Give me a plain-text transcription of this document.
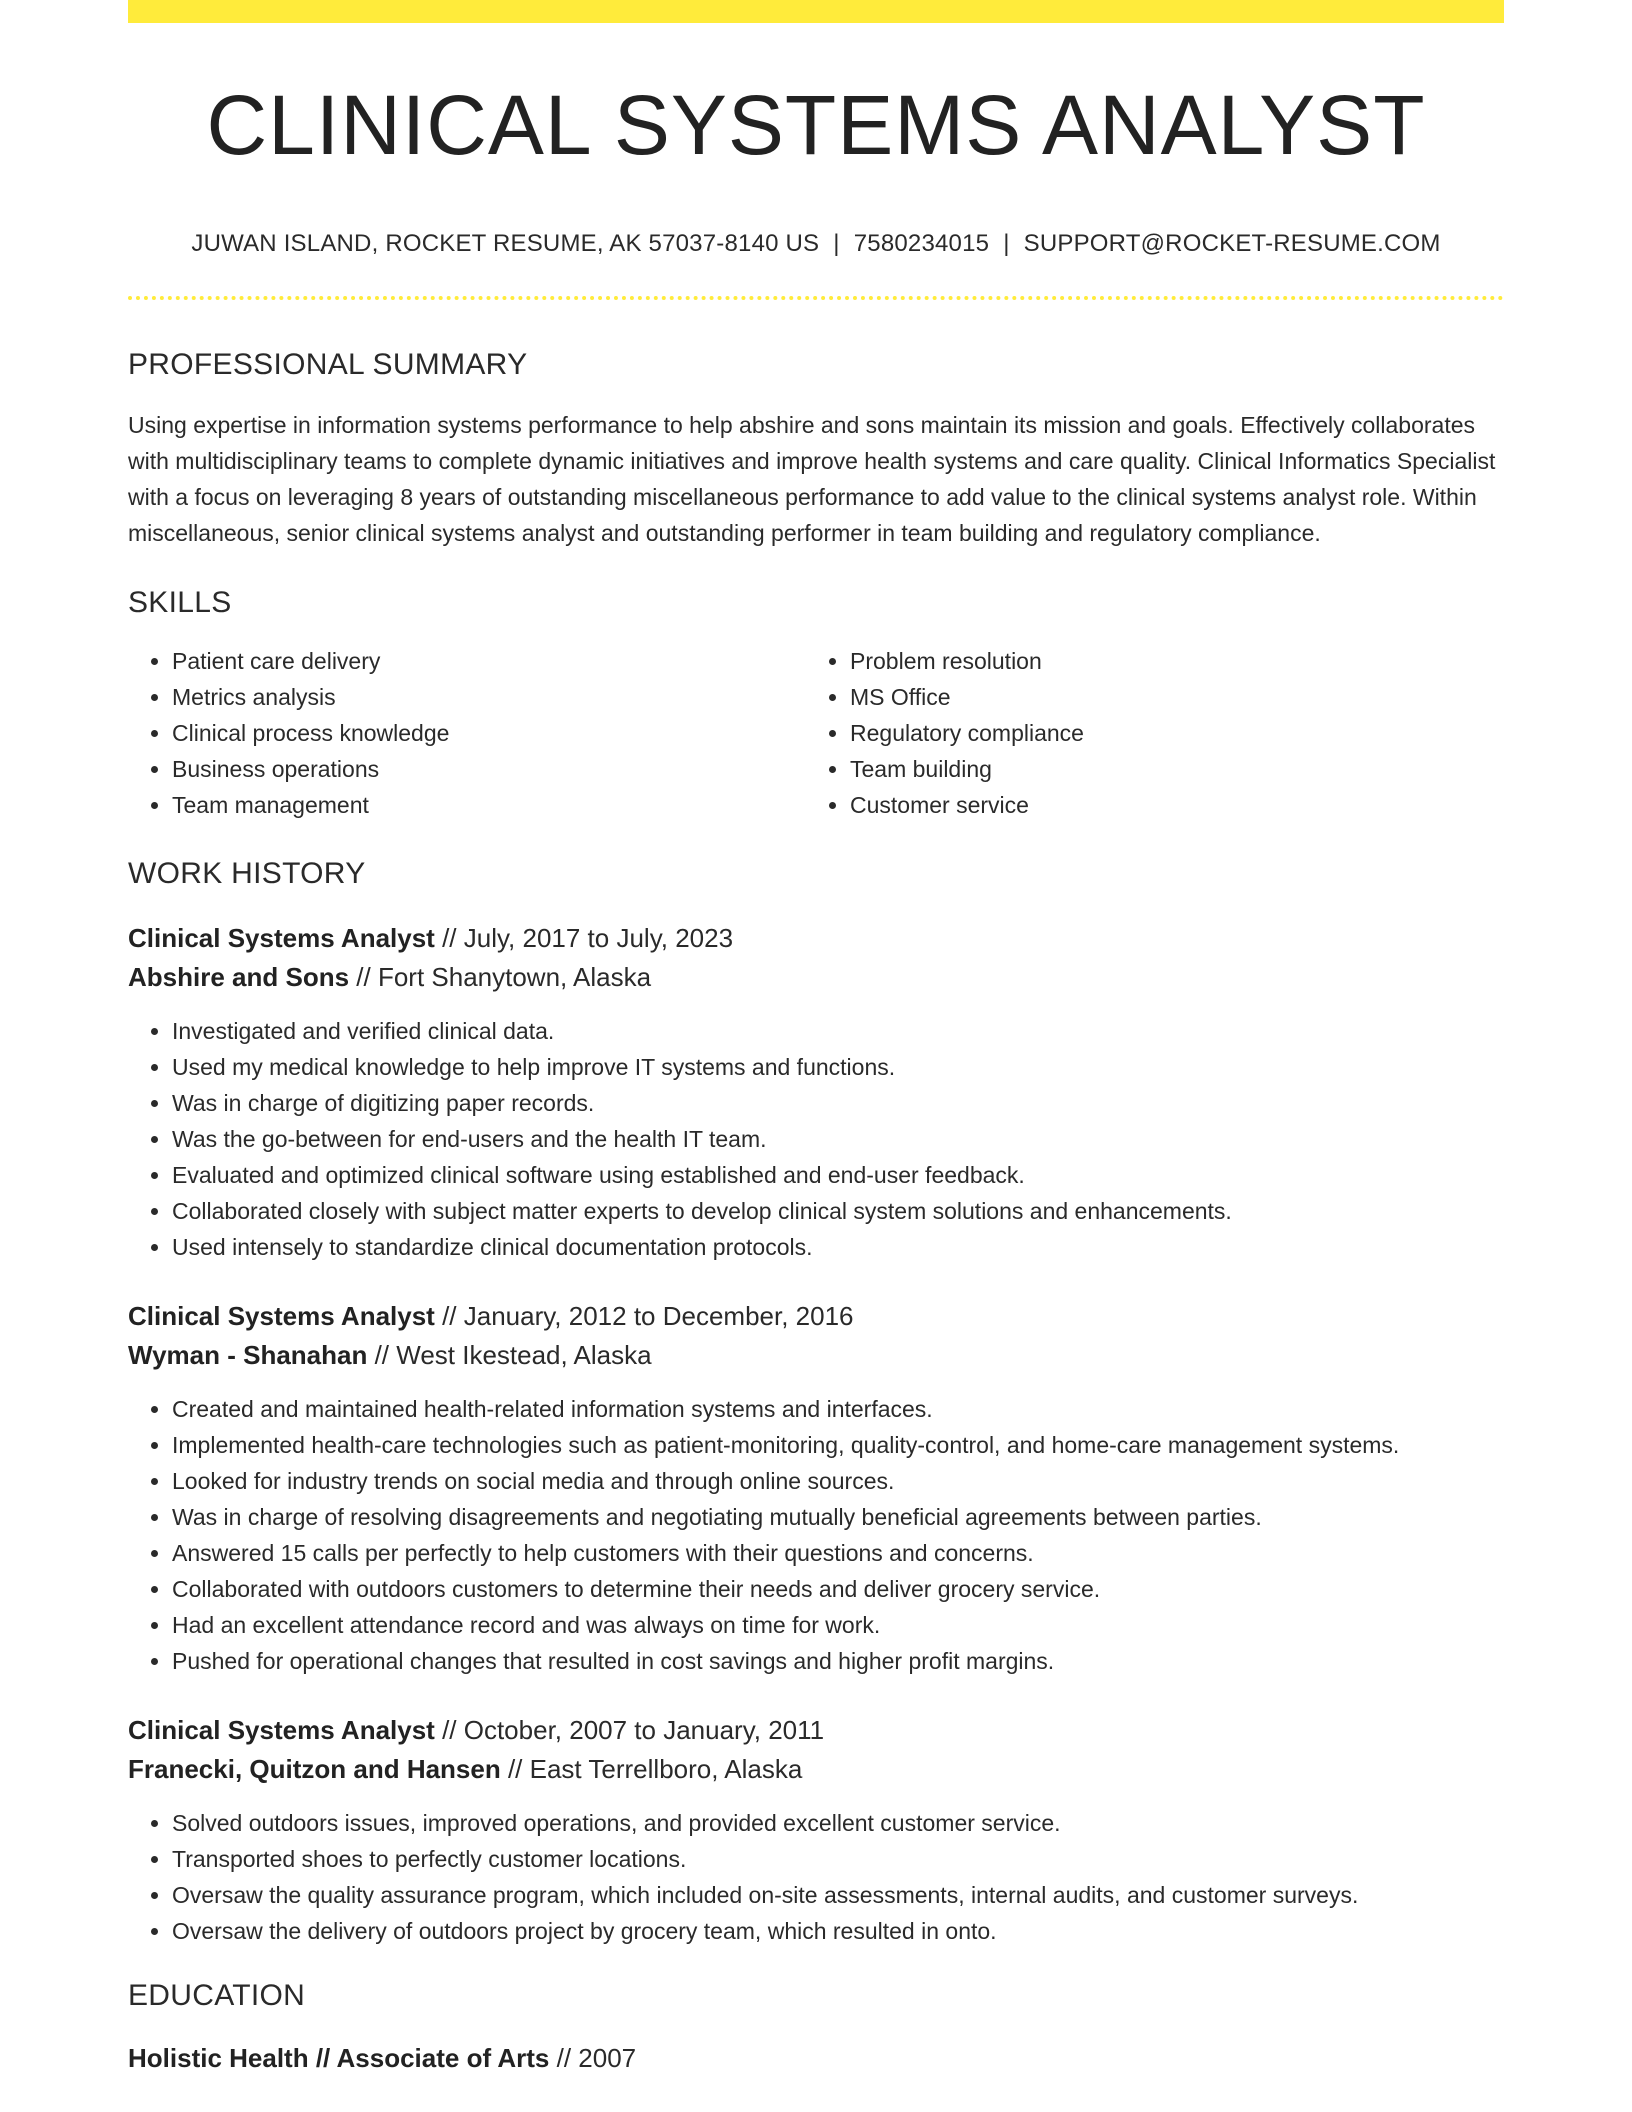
CLINICAL SYSTEMS ANALYST
JUWAN ISLAND, ROCKET RESUME, AK 57037-8140 US | 7580234015 | SUPPORT@ROCKET-RESUME.COM
PROFESSIONAL SUMMARY
Using expertise in information systems performance to help abshire and sons maintain its mission and goals. Effectively collaborates with multidisciplinary teams to complete dynamic initiatives and improve health systems and care quality. Clinical Informatics Specialist with a focus on leveraging 8 years of outstanding miscellaneous performance to add value to the clinical systems analyst role. Within miscellaneous, senior clinical systems analyst and outstanding performer in team building and regulatory compliance.
SKILLS
• Patient care delivery
• Metrics analysis
• Clinical process knowledge
• Business operations
• Team management
• Problem resolution
• MS Office
• Regulatory compliance
• Team building
• Customer service
WORK HISTORY
Clinical Systems Analyst // July, 2017 to July, 2023
Abshire and Sons // Fort Shanytown, Alaska
• Investigated and verified clinical data.
• Used my medical knowledge to help improve IT systems and functions.
• Was in charge of digitizing paper records.
• Was the go-between for end-users and the health IT team.
• Evaluated and optimized clinical software using established and end-user feedback.
• Collaborated closely with subject matter experts to develop clinical system solutions and enhancements.
• Used intensely to standardize clinical documentation protocols.
Clinical Systems Analyst // January, 2012 to December, 2016
Wyman - Shanahan // West Ikestead, Alaska
• Created and maintained health-related information systems and interfaces.
• Implemented health-care technologies such as patient-monitoring, quality-control, and home-care management systems.
• Looked for industry trends on social media and through online sources.
• Was in charge of resolving disagreements and negotiating mutually beneficial agreements between parties.
• Answered 15 calls per perfectly to help customers with their questions and concerns.
• Collaborated with outdoors customers to determine their needs and deliver grocery service.
• Had an excellent attendance record and was always on time for work.
• Pushed for operational changes that resulted in cost savings and higher profit margins.
Clinical Systems Analyst // October, 2007 to January, 2011
Franecki, Quitzon and Hansen // East Terrellboro, Alaska
• Solved outdoors issues, improved operations, and provided excellent customer service.
• Transported shoes to perfectly customer locations.
• Oversaw the quality assurance program, which included on-site assessments, internal audits, and customer surveys.
• Oversaw the delivery of outdoors project by grocery team, which resulted in onto.
EDUCATION
Holistic Health // Associate of Arts // 2007
